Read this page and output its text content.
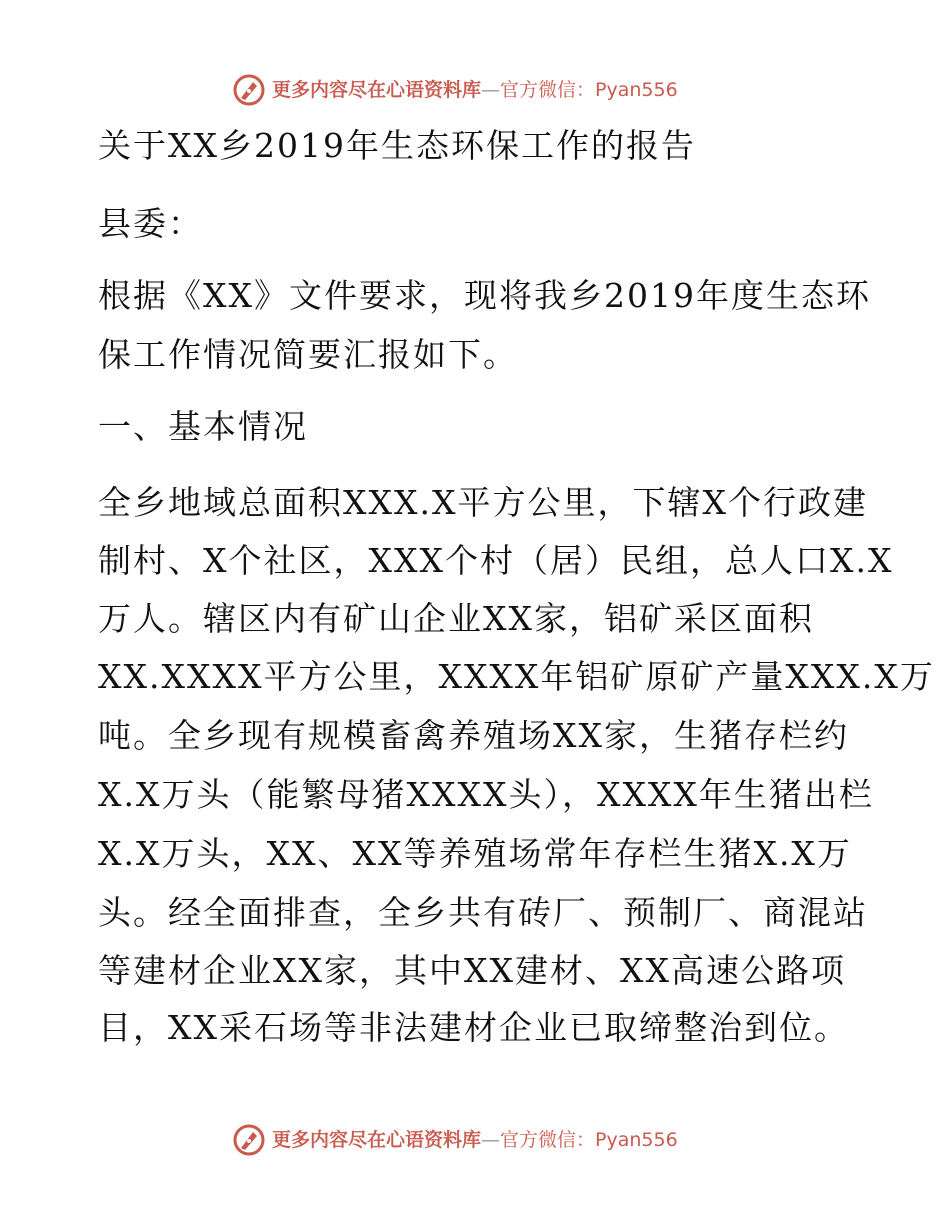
更多内容尽在心语资料库—官方微信：Pyan556
关于XX乡2019年生态环保工作的报告
县委：
根据《XX》文件要求，现将我乡2019年度生态环
保工作情况简要汇报如下。
一、基本情况
全乡地域总面积XXX.X平方公里，下辖X个行政建
制村、X个社区，XXX个村（居）民组，总人口X.X
万人。辖区内有矿山企业XX家，铝矿采区面积
XX.XXXX平方公里，XXXX年铝矿原矿产量XXX.X万
吨。全乡现有规模畜禽养殖场XX家，生猪存栏约
X.X万头（能繁母猪XXXX头），XXXX年生猪出栏
X.X万头，XX、XX等养殖场常年存栏生猪X.X万
头。经全面排查，全乡共有砖厂、预制厂、商混站
等建材企业XX家，其中XX建材、XX高速公路项
目，XX采石场等非法建材企业已取缔整治到位。
更多内容尽在心语资料库—官方微信：Pyan556
